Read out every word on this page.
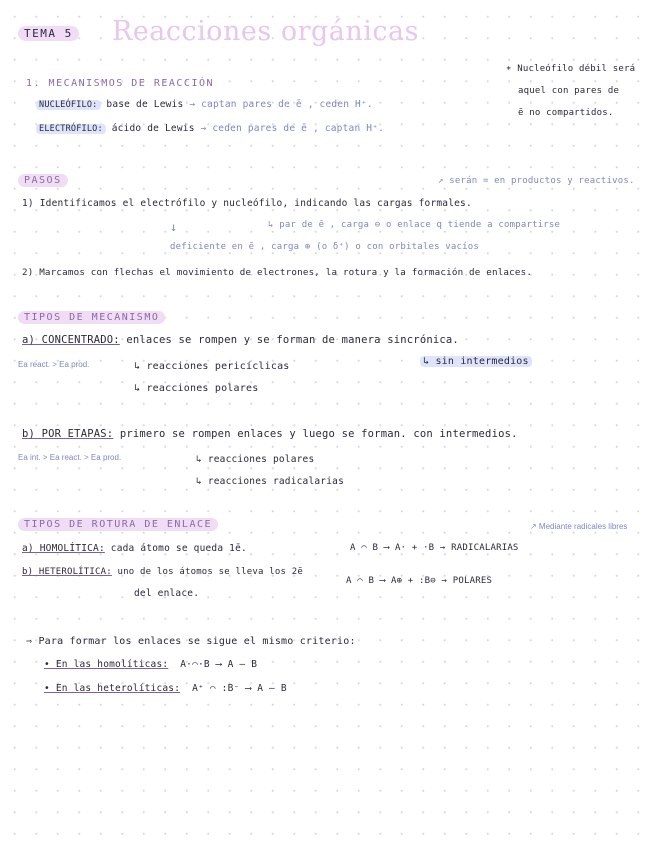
TEMA 5 Reacciones orgánicas
1. MECANISMOS DE REACCIÓN
NUCLEÓFILO: base de Lewis → captan pares de ē , ceden H⁺.
ELECTRÓFILO: ácido de Lewis → ceden pares de ē , captan H⁺.
∗ Nucleófilo débil será
aquel con pares de
ē no compartidos.
PASOS	↗ serán = en productos y reactivos.
1) Identificamos el electrófilo y nucleófilo, indicando las cargas formales.
↳ par de ē , carga ⊖ o enlace q tiende a compartirse
↓
deficiente en ē , carga ⊕ (o δ⁺) o con orbitales vacíos
2) Marcamos con flechas el movimiento de electrones, la rotura y la formación de enlaces.
TIPOS DE MECANISMO
a) CONCENTRADO: enlaces se rompen y se forman de manera sincrónica.
Ea react. > Ea prod.	↳ reacciones pericíclicas
↳ reacciones polares
↳ sin intermedios
b) POR ETAPAS: primero se rompen enlaces y luego se forman. con intermedios.
Ea int. > Ea react. > Ea prod.	↳ reacciones polares
↳ reacciones radicalarias
TIPOS DE ROTURA DE ENLACE	↗ Mediante radicales libres
a) HOMOLÍTICA: cada átomo se queda 1ē.	A ⌒ B ⟶ A· + ·B → RADICALARIAS
b) HETEROLÍTICA: uno de los átomos se lleva los 2ē
del enlace.
A ⌒ B ⟶ A⊕ + :B⊖ → POLARES
⇒ Para formar los enlaces se sigue el mismo criterio:
• En las homolíticas: A·⌒·B ⟶ A — B
• En las heterolíticas: A⁺ ⌒ :B⁻ ⟶ A — B
